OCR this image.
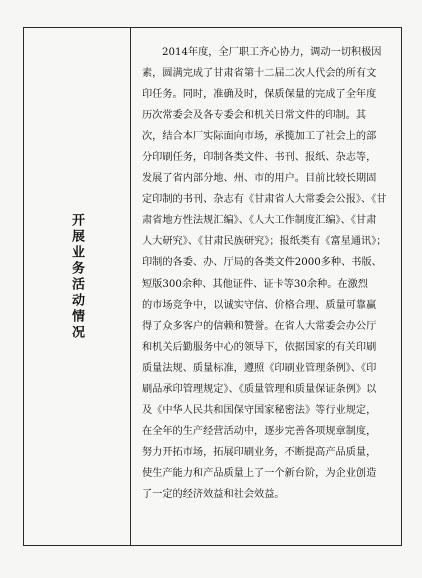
开展业务活动情况
2014年度，全厂职工齐心协力，调动一切积极因
素，圆满完成了甘肃省第十二届二次人代会的所有文
印任务。同时，准确及时，保质保量的完成了全年度
历次常委会及各专委会和机关日常文件的印制。其
次，结合本厂实际面向市场，承揽加工了社会上的部
分印刷任务，印制各类文件、书刊、报纸、杂志等，
发展了省内部分地、州、市的用户。目前比较长期固
定印制的书刊、杂志有《甘肃省人大常委会公报》、《甘
肃省地方性法规汇编》、《人大工作制度汇编》、《甘肃
人大研究》、《甘肃民族研究》；报纸类有《富星通讯》；
印制的各委、办、厅局的各类文件2000多种、书版、
短版300余种、其他证件、证卡等30余种。在激烈
的市场竞争中，以诚实守信、价格合理、质量可靠赢
得了众多客户的信赖和赞誉。在省人大常委会办公厅
和机关后勤服务中心的领导下，依据国家的有关印刷
质量法规、质量标准，遵照《印刷业管理条例》、《印
刷品承印管理规定》、《质量管理和质量保证条例》以
及《中华人民共和国保守国家秘密法》等行业规定，
在全年的生产经营活动中，逐步完善各项规章制度，
努力开拓市场，拓展印刷业务，不断提高产品质量，
使生产能力和产品质量上了一个新台阶，为企业创造
了一定的经济效益和社会效益。
